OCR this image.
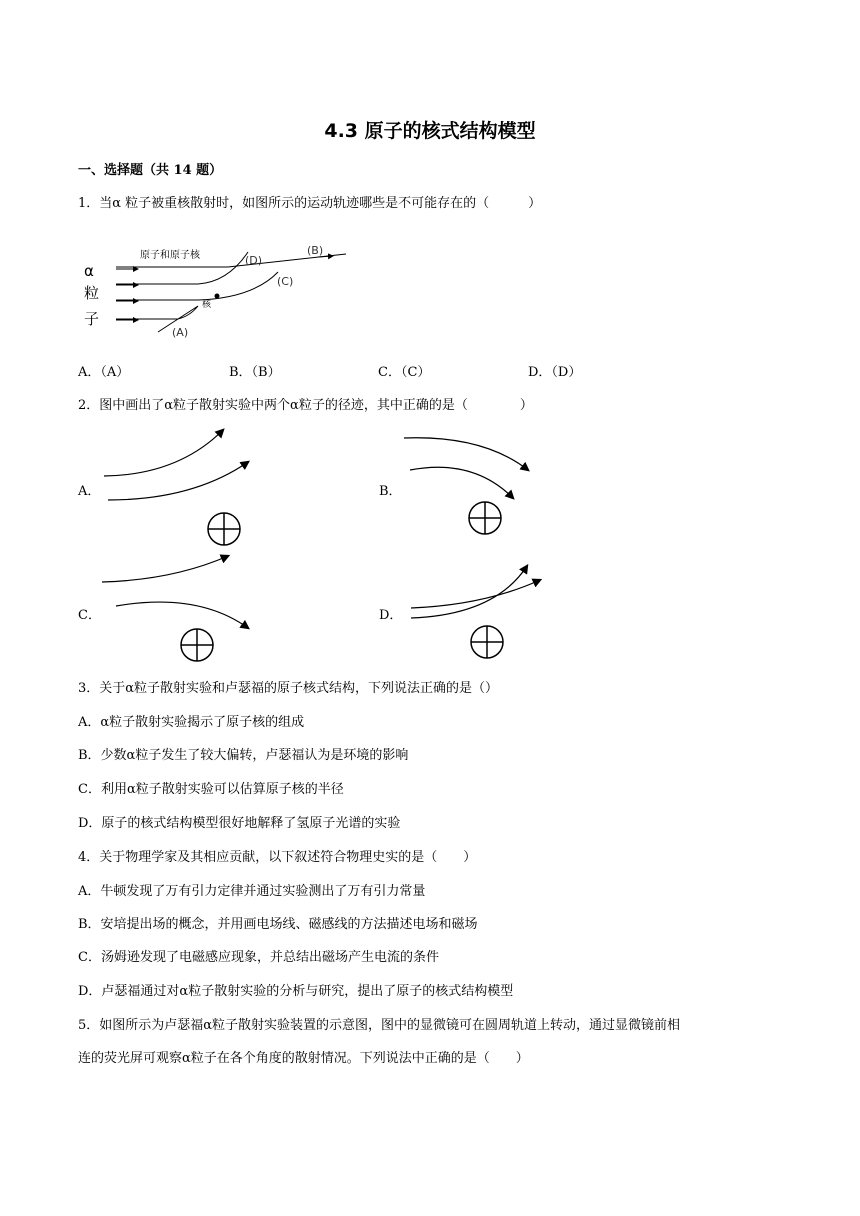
4.3 原子的核式结构模型
一、选择题（共 14 题）
1．当α 粒子被重核散射时，如图所示的运动轨迹哪些是不可能存在的（　　　）
α
粒
子
原子和原子核
核
(B)
(D)
(C)
(A)
A．（A）	B．（B）	C．（C）	D．（D）
2．图中画出了α粒子散射实验中两个α粒子的径迹，其中正确的是（　　　　）
A．	B．
C．	D．
3．关于α粒子散射实验和卢瑟福的原子核式结构，下列说法正确的是（）
A．α粒子散射实验揭示了原子核的组成
B．少数α粒子发生了较大偏转，卢瑟福认为是环境的影响
C．利用α粒子散射实验可以估算原子核的半径
D．原子的核式结构模型很好地解释了氢原子光谱的实验
4．关于物理学家及其相应贡献，以下叙述符合物理史实的是（　　）
A．牛顿发现了万有引力定律并通过实验测出了万有引力常量
B．安培提出场的概念，并用画电场线、磁感线的方法描述电场和磁场
C．汤姆逊发现了电磁感应现象，并总结出磁场产生电流的条件
D．卢瑟福通过对α粒子散射实验的分析与研究，提出了原子的核式结构模型
5．如图所示为卢瑟福α粒子散射实验装置的示意图，图中的显微镜可在圆周轨道上转动，通过显微镜前相
连的荧光屏可观察α粒子在各个角度的散射情况。下列说法中正确的是（　　）
